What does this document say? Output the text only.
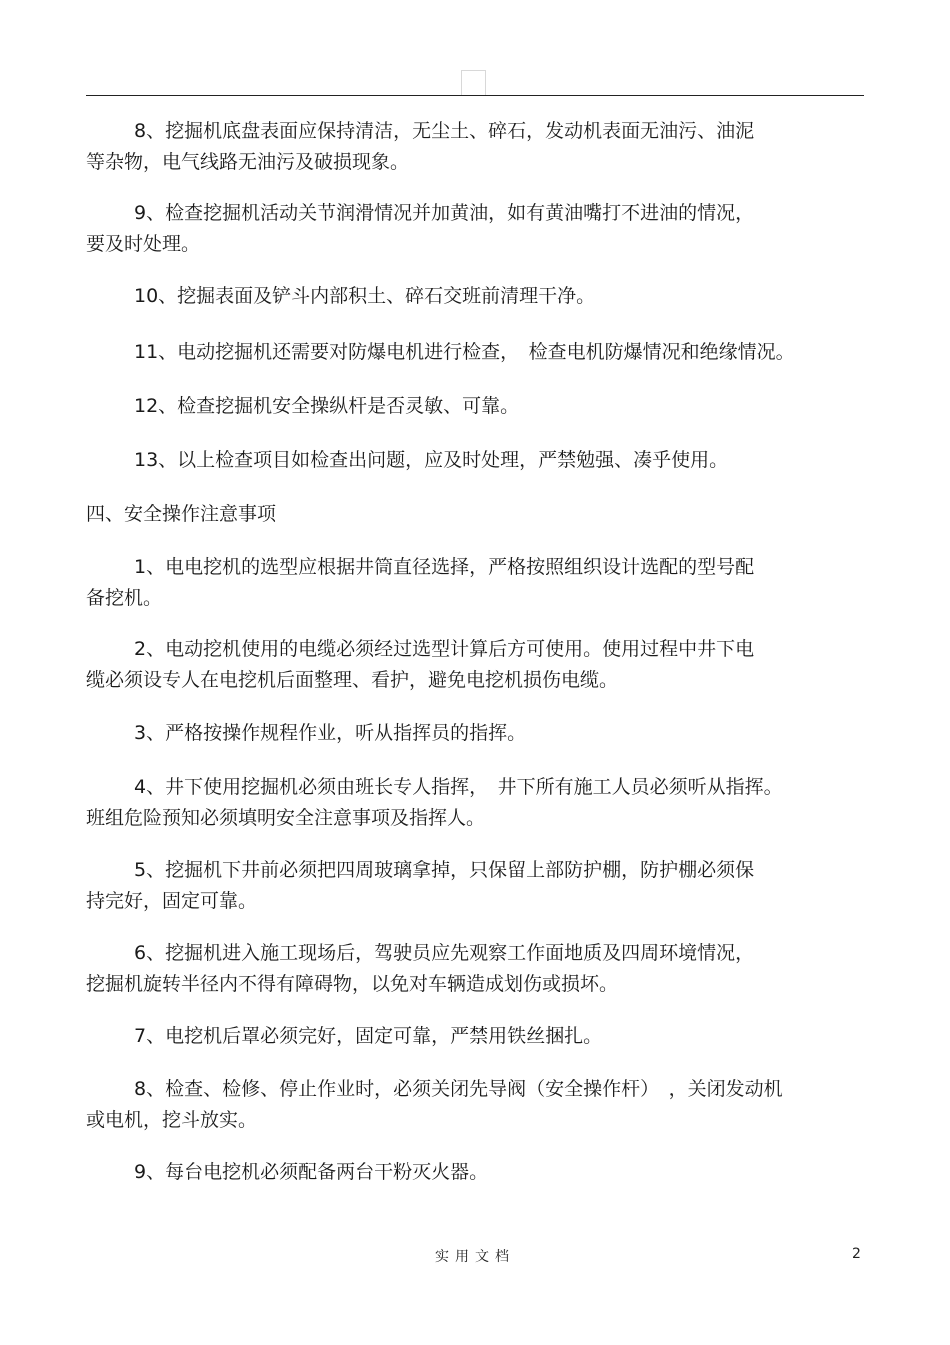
8、挖掘机底盘表面应保持清洁，无尘土、碎石，发动机表面无油污、油泥
等杂物，电气线路无油污及破损现象。

9、检查挖掘机活动关节润滑情况并加黄油，如有黄油嘴打不进油的情况，
要及时处理。

10、挖掘表面及铲斗内部积土、碎石交班前清理干净。

11、电动挖掘机还需要对防爆电机进行检查，　检查电机防爆情况和绝缘情况。

12、检查挖掘机安全操纵杆是否灵敏、可靠。

13、以上检查项目如检查出问题，应及时处理，严禁勉强、凑乎使用。

四、安全操作注意事项

1、电电挖机的选型应根据井筒直径选择，严格按照组织设计选配的型号配
备挖机。

2、电动挖机使用的电缆必须经过选型计算后方可使用。使用过程中井下电
缆必须设专人在电挖机后面整理、看护，避免电挖机损伤电缆。

3、严格按操作规程作业，听从指挥员的指挥。

4、井下使用挖掘机必须由班长专人指挥，　井下所有施工人员必须听从指挥。
班组危险预知必须填明安全注意事项及指挥人。

5、挖掘机下井前必须把四周玻璃拿掉，只保留上部防护棚，防护棚必须保
持完好，固定可靠。

6、挖掘机进入施工现场后，驾驶员应先观察工作面地质及四周环境情况，
挖掘机旋转半径内不得有障碍物，以免对车辆造成划伤或损坏。

7、电挖机后罩必须完好，固定可靠，严禁用铁丝捆扎。

8、检查、检修、停止作业时，必须关闭先导阀（安全操作杆）　，关闭发动机
或电机，挖斗放实。

9、每台电挖机必须配备两台干粉灭火器。

实用文档	2
